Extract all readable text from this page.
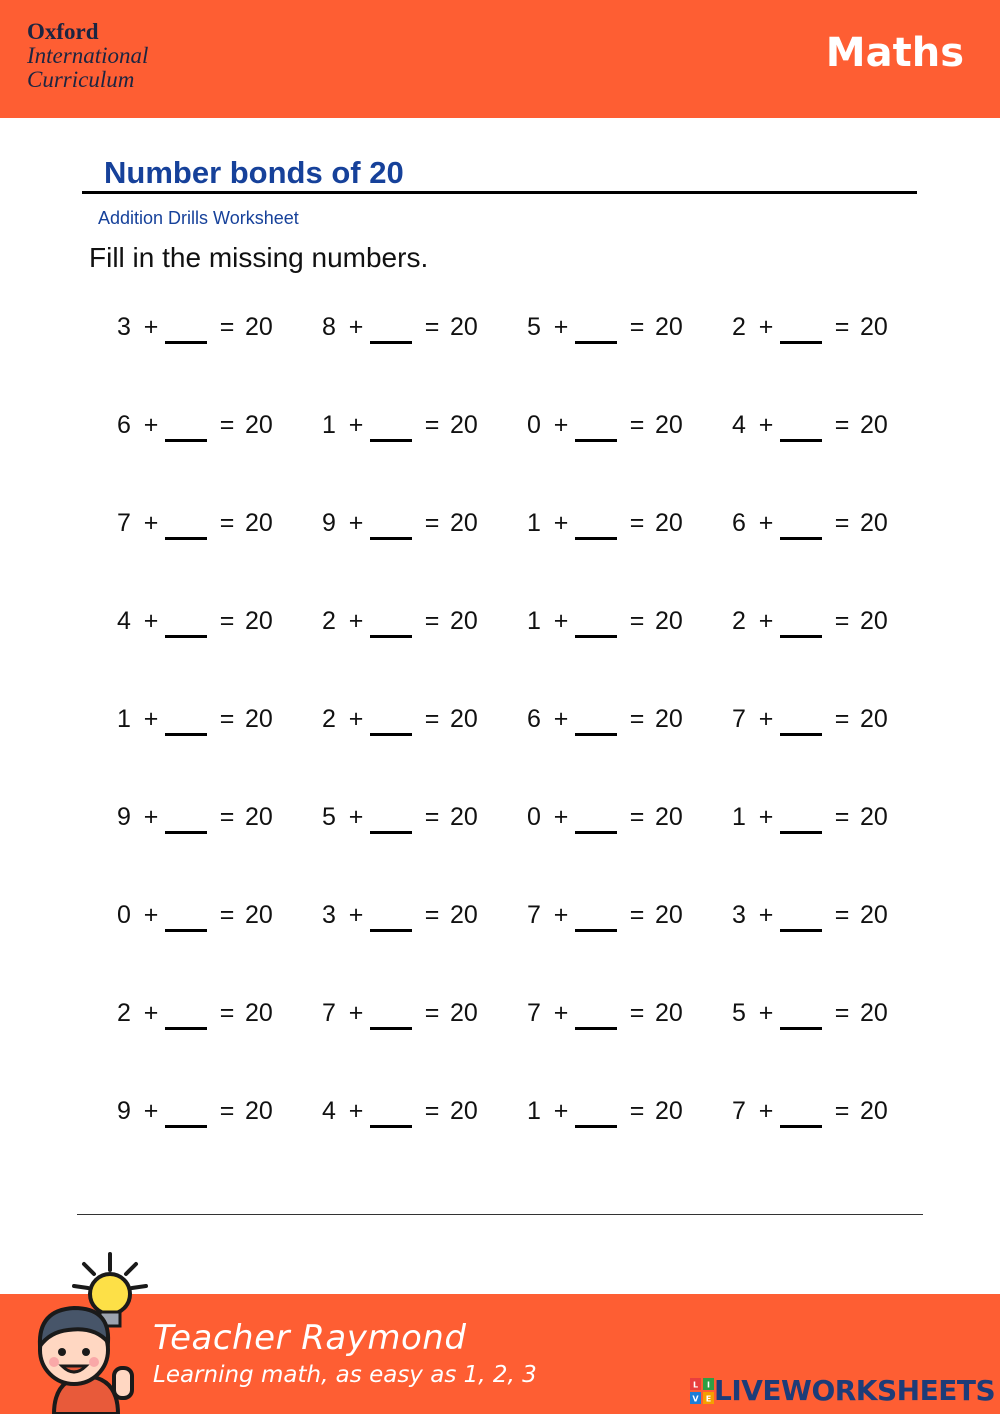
Oxford
International
Curriculum
Maths
Number bonds of 20
Addition Drills Worksheet
Fill in the missing numbers.
3 + = 20	8 + = 20	5 + = 20	2 + = 20
6 + = 20	1 + = 20	0 + = 20	4 + = 20
7 + = 20	9 + = 20	1 + = 20	6 + = 20
4 + = 20	2 + = 20	1 + = 20	2 + = 20
1 + = 20	2 + = 20	6 + = 20	7 + = 20
9 + = 20	5 + = 20	0 + = 20	1 + = 20
0 + = 20	3 + = 20	7 + = 20	3 + = 20
2 + = 20	7 + = 20	7 + = 20	5 + = 20
9 + = 20	4 + = 20	1 + = 20	7 + = 20
Teacher Raymond
Learning math, as easy as 1, 2, 3	L I
V E LIVEWORKSHEETS
